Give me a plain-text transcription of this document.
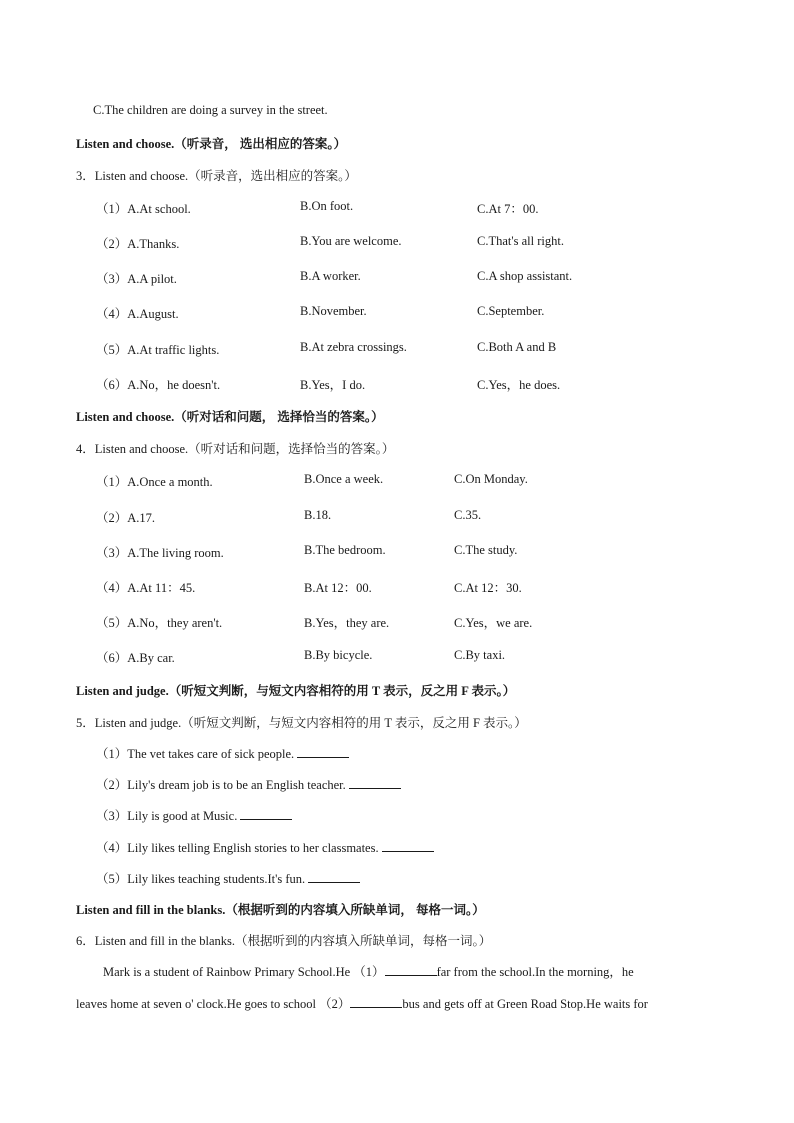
C.The children are doing a survey in the street.
Listen and choose.（听录音， 选出相应的答案。）
3．Listen and choose.（听录音，选出相应的答案。）
（1）A.At school.	B.On foot.	C.At 7：00.
（2）A.Thanks.	B.You are welcome.	C.That's all right.
（3）A.A pilot.	B.A worker.	C.A shop assistant.
（4）A.August.	B.November.	C.September.
（5）A.At traffic lights.	B.At zebra crossings.	C.Both A and B
（6）A.No，he doesn't.	B.Yes，I do.	C.Yes，he does.
Listen and choose.（听对话和问题， 选择恰当的答案。）
4．Listen and choose.（听对话和问题，选择恰当的答案。）
（1）A.Once a month.	B.Once a week.	C.On Monday.
（2）A.17.	B.18.	C.35.
（3）A.The living room.	B.The bedroom.	C.The study.
（4）A.At 11：45.	B.At 12：00.	C.At 12：30.
（5）A.No，they aren't.	B.Yes，they are.	C.Yes，we are.
（6）A.By car.	B.By bicycle.	C.By taxi.
Listen and judge.（听短文判断，与短文内容相符的用 T 表示，反之用 F 表示。）
5．Listen and judge.（听短文判断，与短文内容相符的用 T 表示，反之用 F 表示。）
（1）The vet takes care of sick people.
（2）Lily's dream job is to be an English teacher.
（3）Lily is good at Music.
（4）Lily likes telling English stories to her classmates.
（5）Lily likes teaching students.It's fun.
Listen and fill in the blanks.（根据听到的内容填入所缺单词， 每格一词。）
6．Listen and fill in the blanks.（根据听到的内容填入所缺单词，每格一词。）
Mark is a student of Rainbow Primary School.He （1）	far from the school.In the morning，he
leaves home at seven o' clock.He goes to school （2）	bus and gets off at Green Road Stop.He waits for
